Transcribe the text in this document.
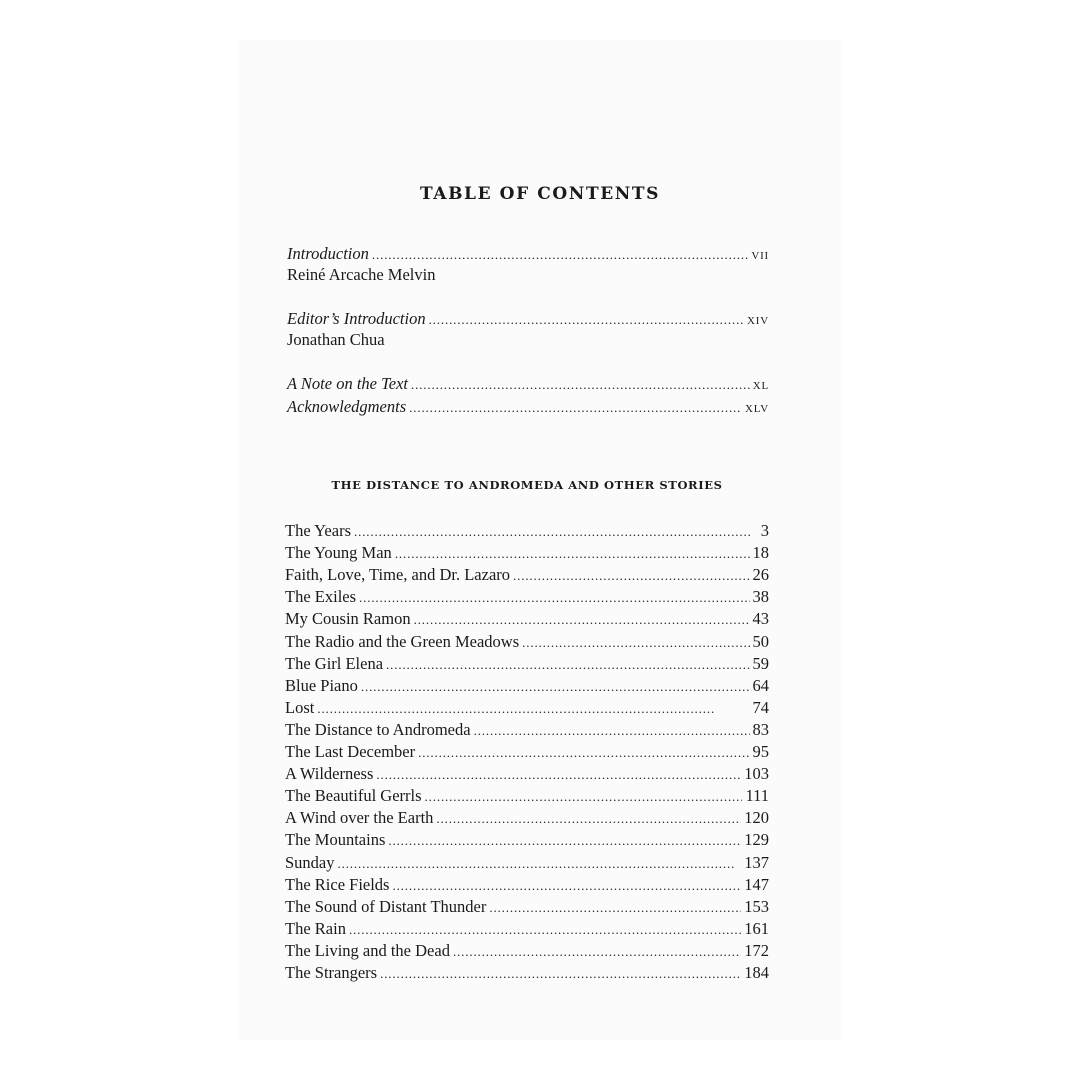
TABLE OF CONTENTS
Introduction . . .	vii
Reiné Arcache Melvin
Editor’s Introduction . . .	xiv
Jonathan Chua
A Note on the Text . . .	xl
Acknowledgments . . .	xlv
THE DISTANCE TO ANDROMEDA AND OTHER STORIES
The Years . . .	3
The Young Man . . .	18
Faith, Love, Time, and Dr. Lazaro . . .	26
The Exiles . . .	38
My Cousin Ramon . . .	43
The Radio and the Green Meadows . . .	50
The Girl Elena . . .	59
Blue Piano . . .	64
Lost . . .	74
The Distance to Andromeda . . .	83
The Last December . . .	95
A Wilderness . . .	103
The Beautiful Gerrls . . .	111
A Wind over the Earth . . .	120
The Mountains . . .	129
Sunday . . .	137
The Rice Fields . . .	147
The Sound of Distant Thunder . . .	153
The Rain . . .	161
The Living and the Dead . . .	172
The Strangers . . .	184
